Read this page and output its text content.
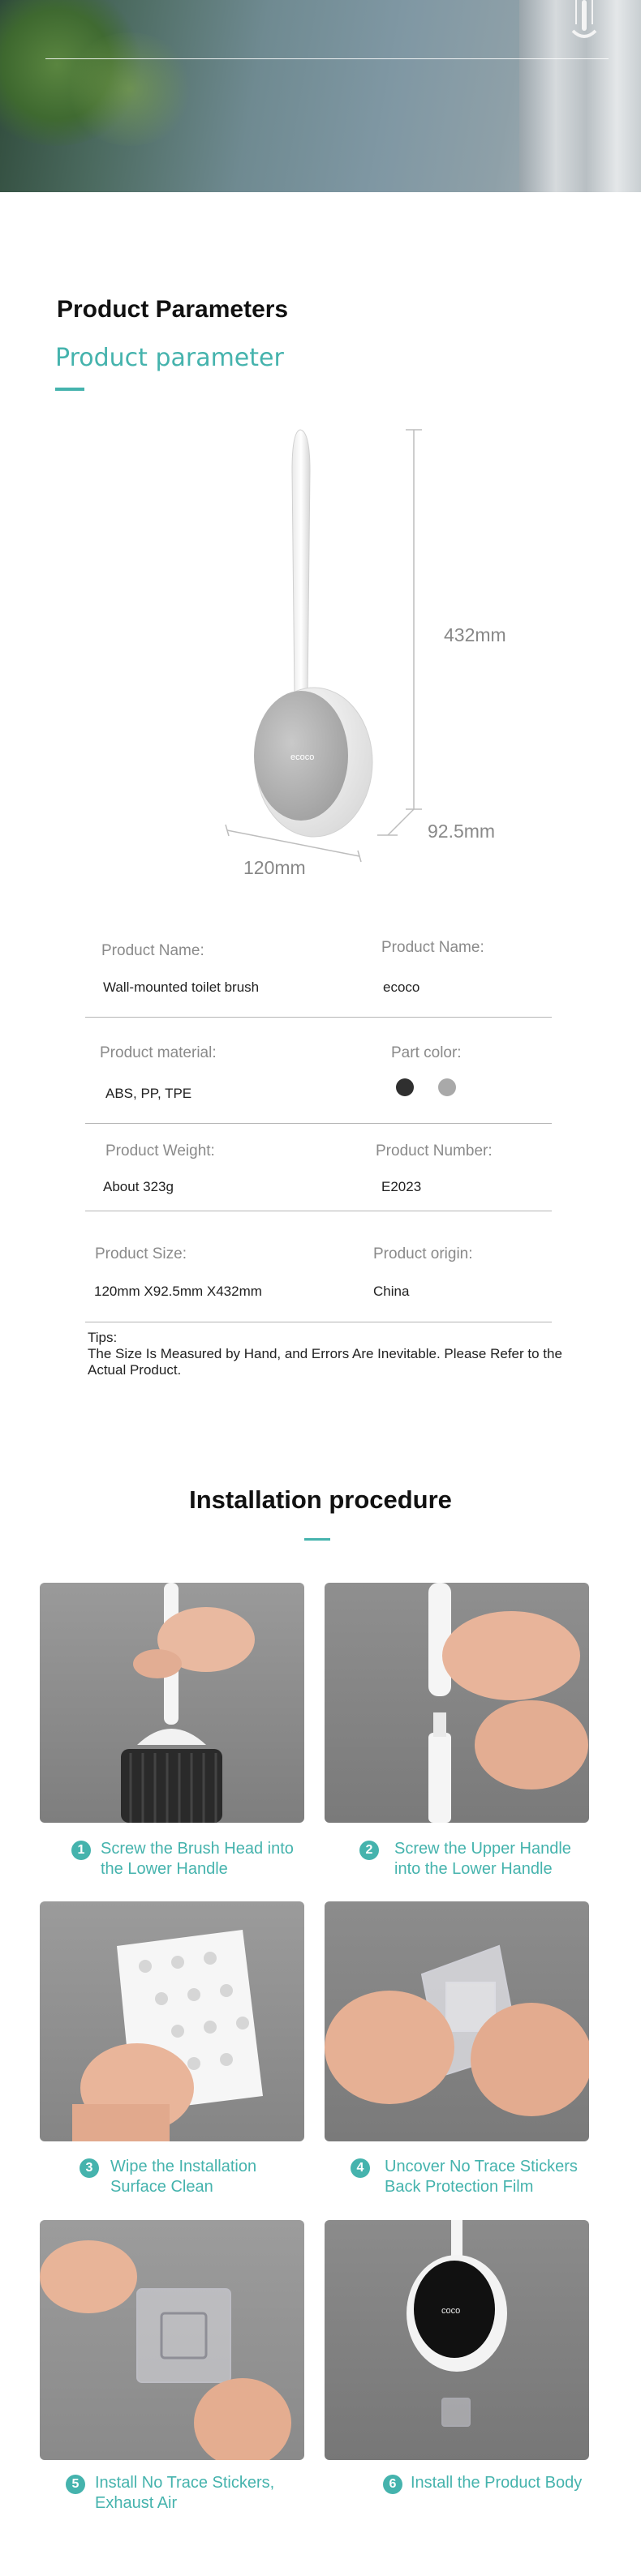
Product Parameters
Product parameter
ecoco
432mm
92.5mm
120mm
Product Name:
Wall-mounted toilet brush
Product Name:
ecoco
Product material:
ABS, PP, TPE
Part color:
Product Weight:
About 323g
Product Number:
E2023
Product Size:
120mm X92.5mm X432mm
Product origin:
China
Tips:
The Size Is Measured by Hand, and Errors Are Inevitable. Please Refer to the Actual Product.
Installation procedure
1 Screw the Brush Head into
the Lower Handle
2	Screw the Upper Handle
into the Lower Handle
3	Wipe the Installation
Surface Clean
4	Uncover No Trace Stickers
Back Protection Film
5 Install No Trace Stickers,
Exhaust Air
coco
6 Install the Product Body
